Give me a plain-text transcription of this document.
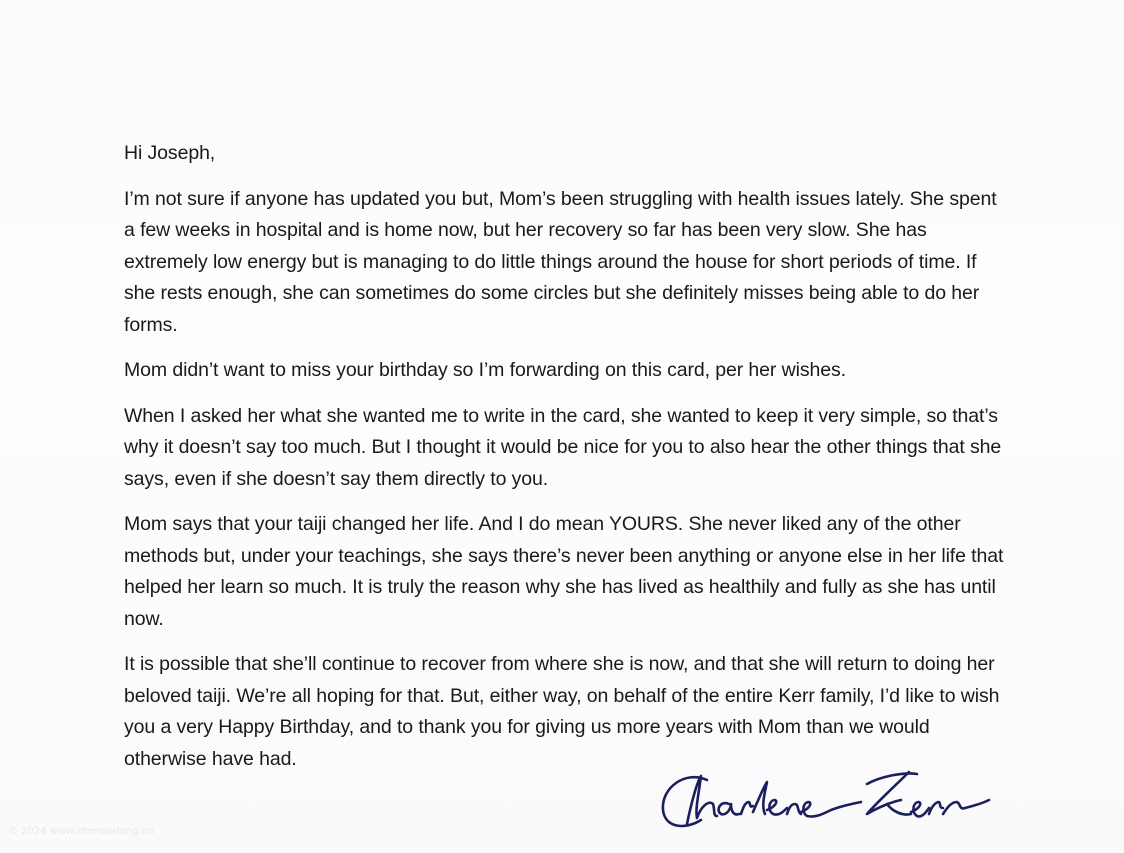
Hi Joseph,

I’m not sure if anyone has updated you but, Mom’s been struggling with health issues lately. She spent a few weeks in hospital and is home now, but her recovery so far has been very slow. She has extremely low energy but is managing to do little things around the house for short periods of time. If she rests enough, she can sometimes do some circles but she definitely misses being able to do her forms.

Mom didn’t want to miss your birthday so I’m forwarding on this card, per her wishes.

When I asked her what she wanted me to write in the card, she wanted to keep it very simple, so that’s why it doesn’t say too much. But I thought it would be nice for you to also hear the other things that she says, even if she doesn’t say them directly to you.

Mom says that your taiji changed her life. And I do mean YOURS. She never liked any of the other methods but, under your teachings, she says there’s never been anything or anyone else in her life that helped her learn so much. It is truly the reason why she has lived as healthily and fully as she has until now.

It is possible that she’ll continue to recover from where she is now, and that she will return to doing her beloved taiji. We’re all hoping for that. But, either way, on behalf of the entire Kerr family, I’d like to wish you a very Happy Birthday, and to thank you for giving us more years with Mom than we would otherwise have had.

© 2024 www.zhenbudong.cn
